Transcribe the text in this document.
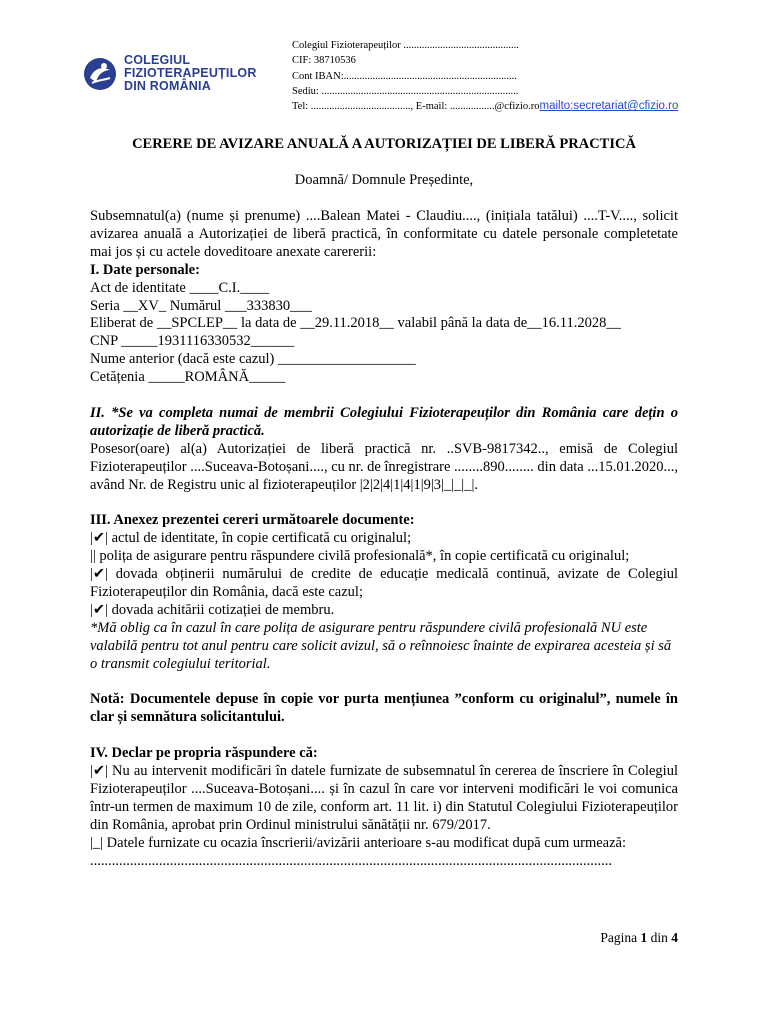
COLEGIUL
FIZIOTERAPEUȚILOR
DIN ROMÂNIA
Colegiul Fizioterapeuților ............................................
CIF: 38710536
Cont IBAN:..................................................................
Sediu: ...........................................................................
Tel: ......................................, E-mail: .................@cfizio.romailto:secretariat@cfizio.ro
CERERE DE AVIZARE ANUALĂ A AUTORIZAȚIEI DE LIBERĂ PRACTICĂ
Doamnă/ Domnule Președinte,

Subsemnatul(a) (nume și prenume) ....Balean Matei - Claudiu...., (inițiala tatălui) ....T-V...., solicit avizarea anuală a Autorizației de liberă practică, în conformitate cu datele personale completetate mai jos și cu actele doveditoare anexate carererii:

I. Date personale:

Act de identitate ____C.I.____

Seria __XV_ Numărul ___333830___

Eliberat de __SPCLEP__ la data de __29.11.2018__ valabil până la data de__16.11.2028__

CNP _____1931116330532______

Nume anterior (dacă este cazul) ___________________

Cetățenia _____ROMÂNĂ_____

II. *Se va completa numai de membrii Colegiului Fizioterapeuților din România care dețin o autorizație de liberă practică.

Posesor(oare) al(a) Autorizației de liberă practică nr. ..SVB-9817342.., emisă de Colegiul Fizioterapeuților ....Suceava-Botoșani...., cu nr. de înregistrare ........890........ din data ...15.01.2020..., având Nr. de Registru unic al fizioterapeuților |2|2|4|1|4|1|9|3|_|_|_|.

III. Anexez prezentei cereri următoarele documente:

|✔| actul de identitate, în copie certificată cu originalul;

|| polița de asigurare pentru răspundere civilă profesională*, în copie certificată cu originalul;

|✔| dovada obținerii numărului de credite de educație medicală continuă, avizate de Colegiul Fizioterapeuților din România, dacă este cazul;

|✔| dovada achitării cotizației de membru.

*Mă oblig ca în cazul în care polița de asigurare pentru răspundere civilă profesională NU este valabilă pentru tot anul pentru care solicit avizul, să o reînnoiesc înainte de expirarea acesteia și să o transmit colegiului teritorial.

Notă: Documentele depuse în copie vor purta mențiunea ”conform cu originalul”, numele în clar și semnătura solicitantului.

IV. Declar pe propria răspundere că:

|✔| Nu au intervenit modificări în datele furnizate de subsemnatul în cererea de înscriere în Colegiul Fizioterapeuților ....Suceava-Botoșani.... și în cazul în care vor interveni modificări le voi comunica într-un termen de maximum 10 de zile, conform art. 11 lit. i) din Statutul Colegiului Fizioterapeuților din România, aprobat prin Ordinul ministrului sănătății nr. 679/2017.

|_| Datele furnizate cu ocazia înscrierii/avizării anterioare s-au modificat după cum urmează:

................................................................................................................................................

Pagina 1 din 4
